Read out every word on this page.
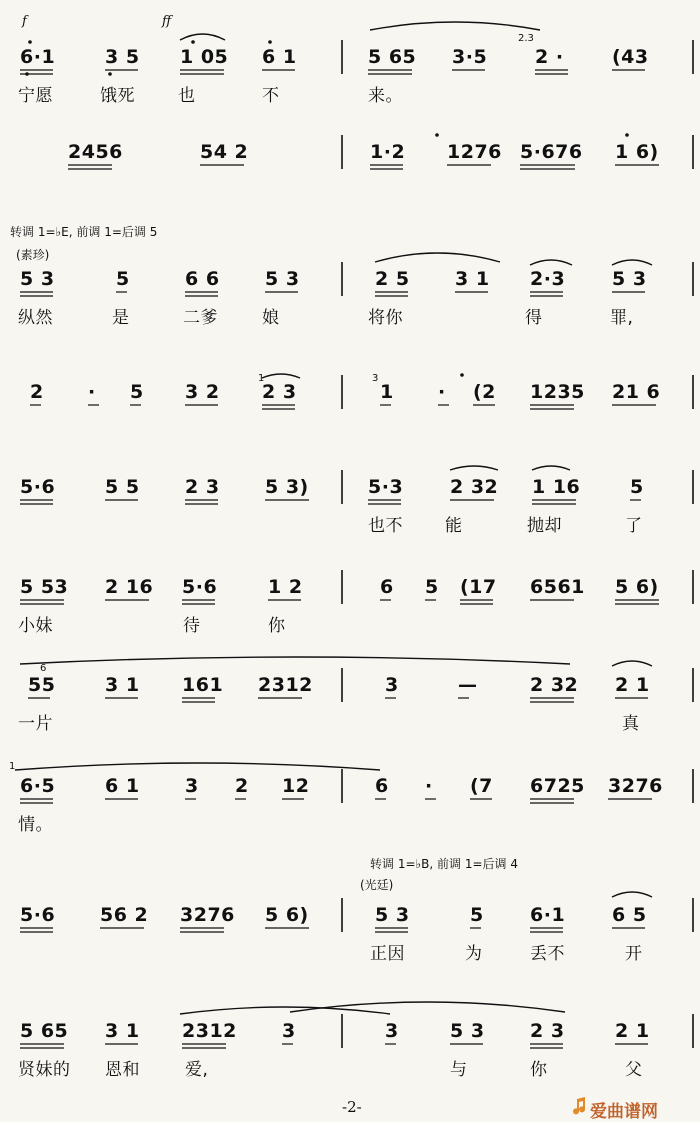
f	ff
转调 1=♭E, 前调 1=后调 5
(素珍)
转调 1=♭B, 前调 1=后调 4
(光廷)
2.3
1	3
6
1
6·1	3 5 1 05 6 1	5 65 3·5	2 ·	(43
宁愿	饿死	也	不	来。
2456	54 2	1·2 1276 5·676 1 6)
5 3	5	6 6 5 3	2 5 3 1 2·3 5 3
纵然	是	二爹	娘	将你	得	罪,
2 · 5 3 2 2 3	1 · (2 1235 21 6
5·6	5 5 2 3 5 3)	5·3 2 32 1 16	5
也不 能	抛却	了
5 53 2 16 5·6	1 2	6 5 (17 6561 5 6)
小妹	待	你
55	3 1 161 2312	3	—	2 32 2 1
一片	真
6·5	6 1 3 2 12	6 · (7 6725 3276
情。
5·6 56 2 3276 5 6)	5 3	5 6·1 6 5
正因	为	丢不	开
5 65 3 1 2312 3	3	5 3 2 3	2 1
贤妹的 恩和	爱,	与	你	父
-2-	爱曲谱网
